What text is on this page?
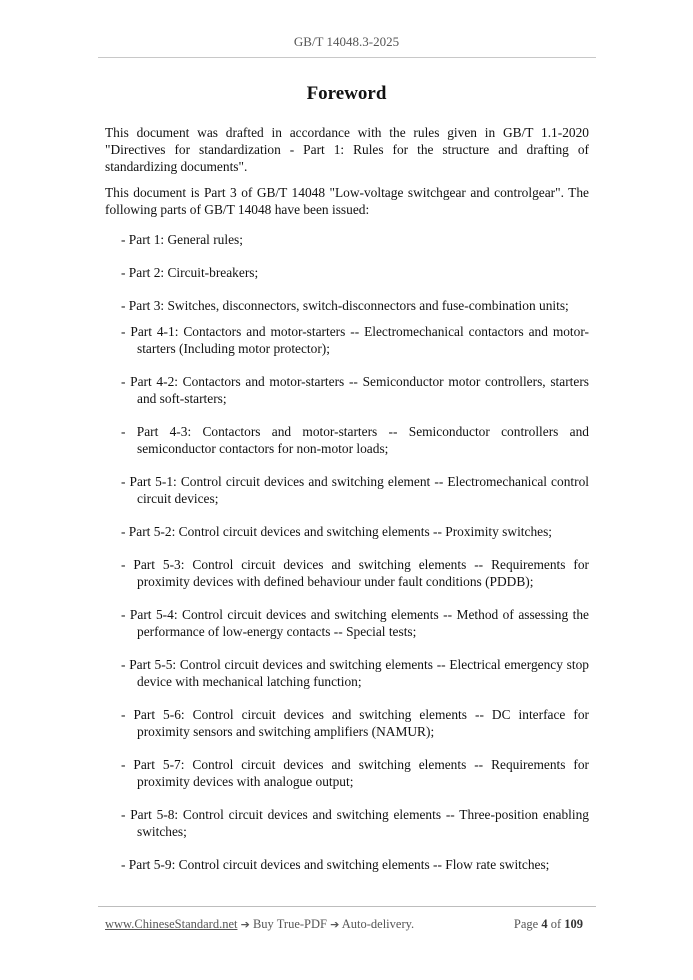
GB/T 14048.3-2025
Foreword

This document was drafted in accordance with the rules given in GB/T 1.1-2020 "Directives for standardization - Part 1: Rules for the structure and drafting of standardizing documents".

This document is Part 3 of GB/T 14048 "Low-voltage switchgear and controlgear". The following parts of GB/T 14048 have been issued:

- Part 1: General rules;
- Part 2: Circuit-breakers;
- Part 3: Switches, disconnectors, switch-disconnectors and fuse-combination units;
- Part 4-1: Contactors and motor-starters -- Electromechanical contactors and motor-starters (Including motor protector);
- Part 4-2: Contactors and motor-starters -- Semiconductor motor controllers, starters and soft-starters;
- Part 4-3: Contactors and motor-starters -- Semiconductor controllers and semiconductor contactors for non-motor loads;
- Part 5-1: Control circuit devices and switching element -- Electromechanical control circuit devices;
- Part 5-2: Control circuit devices and switching elements -- Proximity switches;
- Part 5-3: Control circuit devices and switching elements -- Requirements for proximity devices with defined behaviour under fault conditions (PDDB);
- Part 5-4: Control circuit devices and switching elements -- Method of assessing the performance of low-energy contacts -- Special tests;
- Part 5-5: Control circuit devices and switching elements -- Electrical emergency stop device with mechanical latching function;
- Part 5-6: Control circuit devices and switching elements -- DC interface for proximity sensors and switching amplifiers (NAMUR);
- Part 5-7: Control circuit devices and switching elements -- Requirements for proximity devices with analogue output;
- Part 5-8: Control circuit devices and switching elements -- Three-position enabling switches;
- Part 5-9: Control circuit devices and switching elements -- Flow rate switches;
www.ChineseStandard.net ➔ Buy True-PDF ➔ Auto-delivery.	Page 4 of 109
